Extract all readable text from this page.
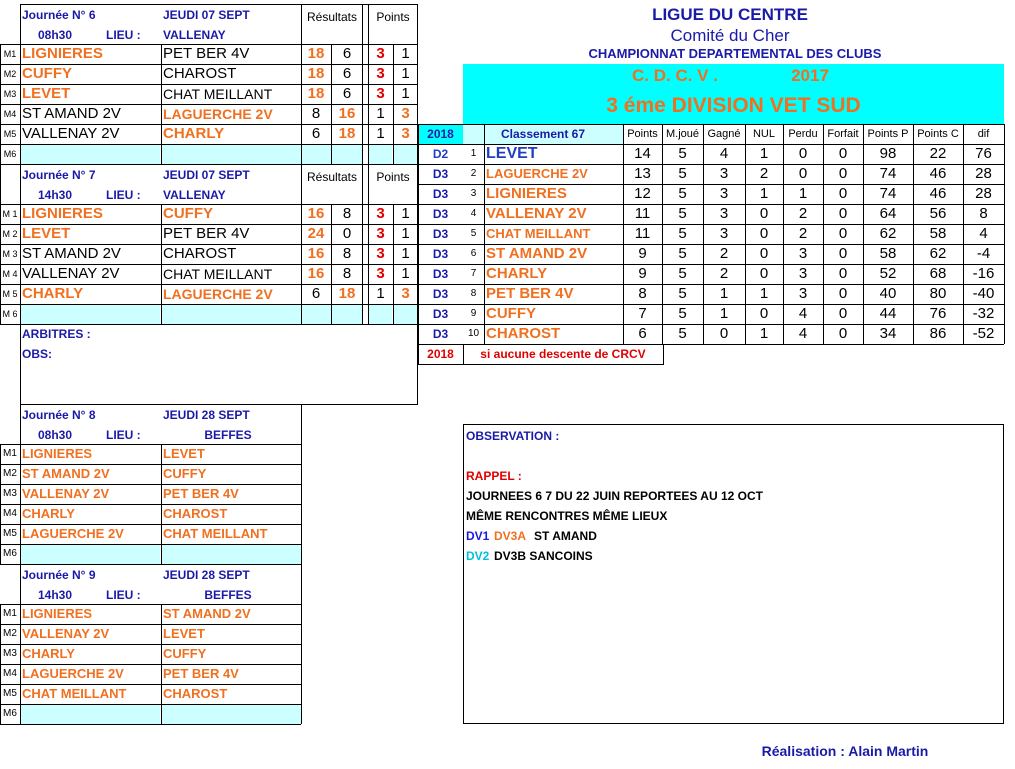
LIGUE DU CENTRE
Comité du Cher
CHAMPIONNAT DEPARTEMENTAL DES CLUBS
C. D. C. V .	2017
3 éme DIVISION VET SUD
Journée N° 6	JEUDI 07 SEPT
08h30	LIEU :	VALLENAY
Résultats	Points
M1 LIGNIERES	PET BER 4V	18	6	3	1
M2 CUFFY	CHAROST	18	6	3	1
M3 LEVET	CHAT MEILLANT	18	6	3	1
M4 ST AMAND 2V	LAGUERCHE 2V	8	16	1	3
M5 VALLENAY 2V	CHARLY	6	18	1	3
M6
Journée N° 7	JEUDI 07 SEPT
14h30	LIEU :	VALLENAY
Résultats	Points
M 1 LIGNIERES	CUFFY	16	8	3	1
M 2 LEVET	PET BER 4V	24	0	3	1
M 3 ST AMAND 2V	CHAROST	16	8	3	1
M 4 VALLENAY 2V	CHAT MEILLANT	16	8	3	1
M 5 CHARLY	LAGUERCHE 2V	6	18	1	3
M 6
ARBITRES :
OBS:
2018	Classement 67	Points M.joué Gagné	NUL	Perdu Forfait Points P Points C	dif
D2	1 LEVET	14	5	4	1	0	0	98	22	76
D3	2 LAGUERCHE 2V	13	5	3	2	0	0	74	46	28
D3	3 LIGNIERES	12	5	3	1	1	0	74	46	28
D3	4 VALLENAY 2V	11	5	3	0	2	0	64	56	8
D3	5 CHAT MEILLANT	11	5	3	0	2	0	62	58	4
D3	6 ST AMAND 2V	9	5	2	0	3	0	58	62	-4
D3	7 CHARLY	9	5	2	0	3	0	52	68	-16
D3	8 PET BER 4V	8	5	1	1	3	0	40	80	-40
D3	9 CUFFY	7	5	1	0	4	0	44	76	-32
D3	10 CHAROST	6	5	0	1	4	0	34	86	-52
2018	si aucune descente de CRCV
Journée N° 8	JEUDI 28 SEPT
08h30	LIEU :	BEFFES
M1 LIGNIERES	LEVET
M2 ST AMAND 2V	CUFFY
M3 VALLENAY 2V	PET BER 4V
M4 CHARLY	CHAROST
M5 LAGUERCHE 2V	CHAT MEILLANT
M6
Journée N° 9	JEUDI 28 SEPT
14h30	LIEU :	BEFFES
M1 LIGNIERES	ST AMAND 2V
M2 VALLENAY 2V	LEVET
M3 CHARLY	CUFFY
M4 LAGUERCHE 2V	PET BER 4V
M5 CHAT MEILLANT	CHAROST
M6
OBSERVATION :
RAPPEL :
JOURNEES 6 7 DU 22 JUIN REPORTEES AU 12 OCT
MÊME RENCONTRES MÊME LIEUX
DV1 DV3A ST AMAND
DV2 DV3B SANCOINS
Réalisation : Alain Martin
